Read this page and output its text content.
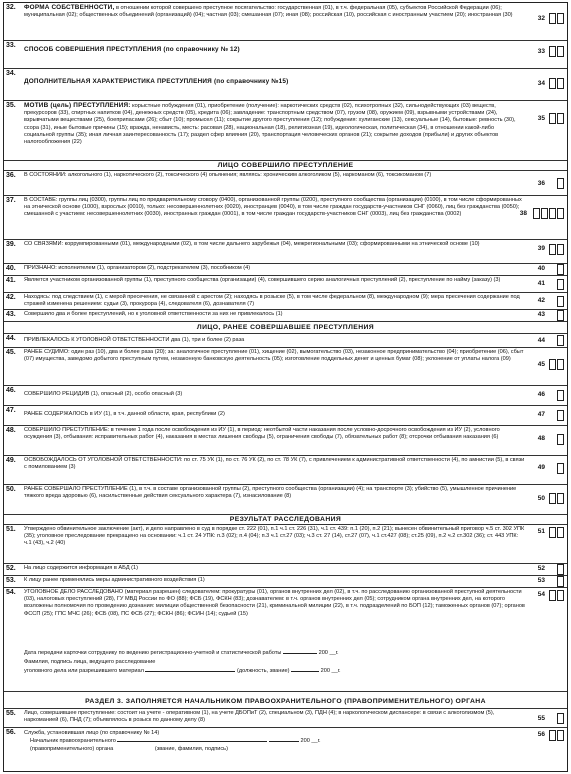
32. ФОРМА СОБСТВЕННОСТИ, в отношении которой совершено преступное посягательство: государственная (01), в т.ч. федеральная (05), субъектов Российской Федерации (06); муниципальная (02); общественных объединений (организаций) (04); частная (03); смешанная (07); иная (08); российская (10), российская с иностранным участием (20); иностранная (30)	32
33.
СПОСОБ СОВЕРШЕНИЯ ПРЕСТУПЛЕНИЯ (по справочнику № 12)	33
34.
ДОПОЛНИТЕЛЬНАЯ ХАРАКТЕРИСТИКА ПРЕСТУПЛЕНИЯ (по справочнику №15)	34
35. МОТИВ (цель) ПРЕСТУПЛЕНИЯ: корыстные побуждения (01), приобретение (получение): наркотических средств (02), психотропных (32), сильнодействующих (03) веществ, прекурсоров (33), спиртных напитков (04), денежных средств (05), кредита (06); завладение: транспортным средством (07), грузом (08), оружием (09), взрывными устройствами (24), взрывчатыми веществами (25), боеприпасами (26); сбыт (10); промысел (11); сокрытие другого преступления (12); побуждения: хулиганские (13), сексуальные (14), бытовые: ревность (30), ссора (31), иные бытовые причины (15); вражда, ненависть, месть: расовая (28), национальная (18), религиозная (19), идеологическая, политическая (34), в отношении какой-либо социальной группы (35); иная личная заинтересованность (17); раздел сфер влияния (20), транспортация человеческих органов (21); сокрытие доходов (прибыли) и других объектов налогообложения (22)
35
ЛИЦО СОВЕРШИЛО ПРЕСТУПЛЕНИЕ
36. В СОСТОЯНИИ: алкогольного (1), наркотического (2), токсического (4) опьянения; являясь: хроническим алкоголиком (5), наркоманом (6), токсикоманом (7)
36
37. В СОСТАВЕ: группы лиц (0300), группы лиц по предварительному сговору (0400), организованной группы (0200), преступного сообщества (организации) (0100), в том числе сформированных на этнической основе (1000), взрослых (0010), только: несовершеннолетних (0020), иностранцев (0040), в том числе граждан государств-участников СНГ (0060), лиц без гражданства (0050); смешанной с участием: несовершеннолетних (0030), иностранных граждан (0001), в том числе граждан государств-участников СНГ (0003), лиц без гражданства (0002)	38
39. СО СВЯЗЯМИ: коррумпированными (01), международными (02), в том числе дальнего зарубежья (04), межрегиональными (03); сформированными на этнической основе (10)
39
40. ПРИЗНАНО: исполнителем (1), организатором (2), подстрекателем (3), пособником (4)	40
41. Является участником организованной группы (1), преступного сообщества (организации) (4), совершившего серию аналогичных преступлений (2), преступление по найму (заказу) (3)	41
42. Находясь: под следствием (1), с мерой пресечения, не связанной с арестом (2); находясь в розыске (5), в том числе федеральном (8), международном (9); мера пресечения содержание под стражей изменена решением: судьи (3), прокурора (4), следователя (6), дознавателя (7)
42
43. Совершило два и более преступлений, но к уголовной ответственности за них не привлекалось (1)	43
ЛИЦО, РАНЕЕ СОВЕРШАВШЕЕ ПРЕСТУПЛЕНИЯ
44. ПРИВЛЕКАЛОСЬ К УГОЛОВНОЙ ОТВЕТСТВЕННОСТИ два (1), три и более (2) раза	44
45. РАНЕЕ СУДИМО: один раз (10), два и более раза (20); за: аналогичное преступление (01), хищение (02), вымогательство (03), незаконное предпринимательство (04); приобретение (06), сбыт (07) имущества, заведомо добытого преступным путем, незаконную банковскую деятельность (05); изготовление поддельных денег и ценных бумаг (08); уклонение от уплаты налога (09)
45
46. СОВЕРШИЛО РЕЦИДИВ (1), опасный (2), особо опасный (3)	46
47. РАНЕЕ СОДЕРЖАЛОСЬ в ИУ (1), в т.ч. данной области, края, республики (2)	47
48. СОВЕРШИЛО ПРЕСТУПЛЕНИЕ: в течение 1 года после освобождения из ИУ (1), в период: неотбытой части наказания после условно-досрочного освобождения из ИУ (2), условного осуждения (3), отбывания: исправительных работ (4), наказания в местах лишения свободы (5), ограничения свободы (7), обязательных работ (8); отсрочки отбывания наказания (6)	48
49. ОСВОБОЖДАЛОСЬ ОТ УГОЛОВНОЙ ОТВЕТСТВЕННОСТИ: по ст. 75 УК (1), по ст. 76 УК (2), по ст. 78 УК (7), с привлечением к административной ответственности (4), по амнистии (5), в связи с помилованием (3)	49
50. РАНЕЕ СОВЕРШАЛО ПРЕСТУПЛЕНИЕ (1), в т.ч. в составе организованной группы (2), преступного сообщества (организации) (4); на транспорте (3); убийство (5), умышленное причинение тяжкого вреда здоровью (6), насильственные действия сексуального характера (7), изнасилование (8)	50
РЕЗУЛЬТАТ РАССЛЕДОВАНИЯ
51. Утверждено обвинительное заключение (акт), и дело направлено в суд в порядке ст. 222 (01), п.1 ч.1 ст. 226 (31), ч.1 ст. 439: п.1 (20), п.2 (21); вынесен обвинительный приговор ч.5 ст. 302 УПК (35); уголовное преследование прекращено на основании: ч.1 ст. 24 УПК: п.3 (02); п.4 (04); п.3 ч.1 ст.27 (03); ч.3 ст. 27 (14), ст.27 (07), ч.1 ст.427 (08); ст.25 (09), п.2 ч.2 ст.302 (36); ст. 443 УПК: ч.1 (43), ч.2 (40)
51
52. На лицо содержится информация в АБД (1)	52
53. К лицу ранее применялись меры административного воздействия (1)	53
54. УГОЛОВНОЕ ДЕЛО РАССЛЕДОВАНО (материал разрешен) следователем: прокуратуры (01), органов внутренних дел (02), в т.ч. по расследованию организованной преступной деятельности (03), налоговых преступлений (28), ГУ МВД России по ФО (88); ФСБ (19), ФСКН (83); дознавателем: в т.ч. органов внутренних дел (05); сотрудником органа внутренних дел, на которого возложены полномочия по проведению дознания: милиции общественной безопасности (21), криминальной милиции (22), в т.ч. подразделений по БОП (12); таможенных органов (07); органов ФССП (25); ГПС МЧС (26); ФСБ (08), ПС ФСБ (27); ФСКН (86); ФСИН (14); судьей (15)
54
Дата передачи карточки сотруднику по ведению регистрационно-учетной и статистической работы	200 __г.
Фамилия, подпись лица, ведущего расследование
уголовного дела или разрешившего материал	(должность, звание)	200 __г.
РАЗДЕЛ 3. ЗАПОЛНЯЕТСЯ НАЧАЛЬНИКОМ ПРАВООХРАНИТЕЛЬНОГО (ПРАВОПРИМЕНИТЕЛЬНОГО) ОРГАНА
55. Лицо, совершившее преступление: состоит на учете - оперативном (1), на учете ДБОПиТ (2), специальном (3), ПДН (4); в наркологическом диспансере: в связи с алкоголизмом (5), наркоманией (6), ПНД (7); объявлялось в розыск по данному делу (8)	55
56. Служба, установившая лицо (по справочнику № 14)
Начальник правоохранительного	200 __г.
(правоприменительного) органа	(звание, фамилия, подпись)
56
